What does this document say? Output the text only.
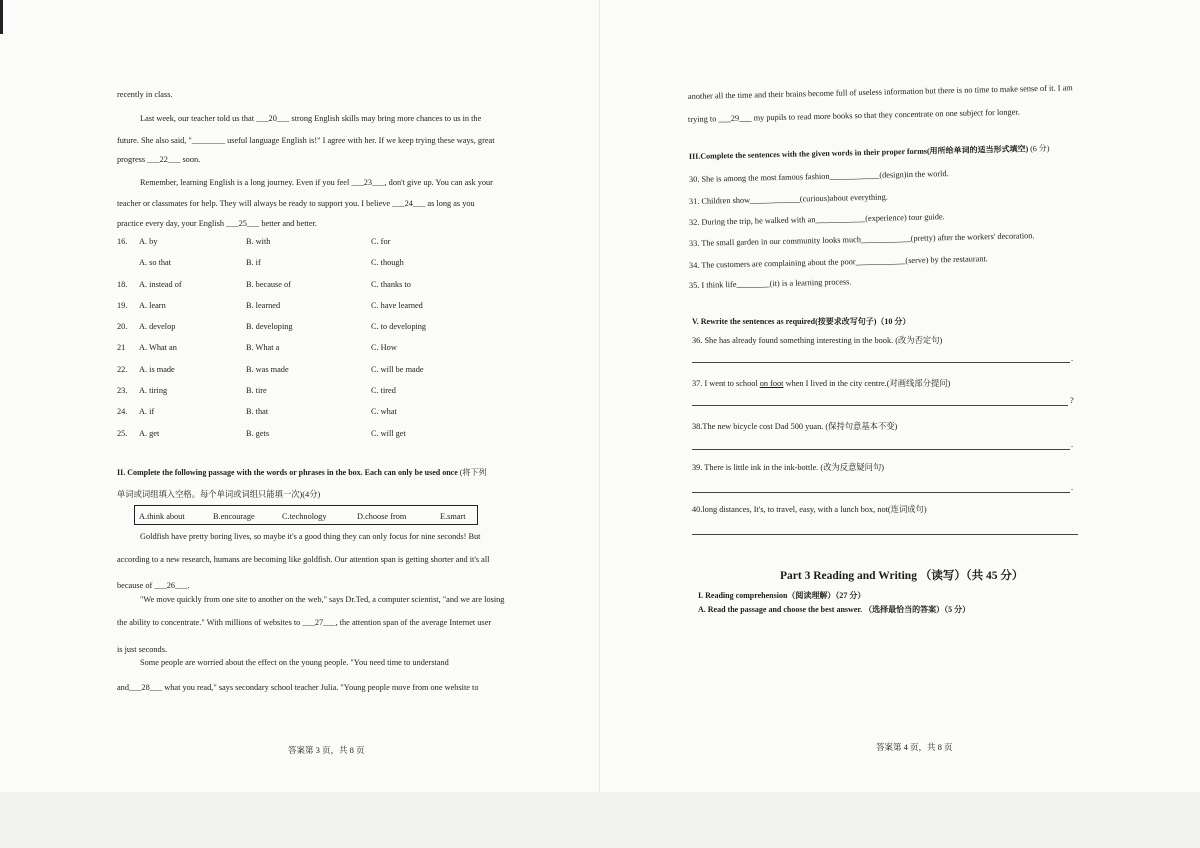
recently in class.
Last week, our teacher told us that ___20___ strong English skills may bring more chances to us in the
future. She also said, "________ useful language English is!" I agree with her. If we keep trying these ways, great
progress ___22___ soon.
Remember, learning English is a long journey. Even if you feel ___23___, don't give up. You can ask your
teacher or classmates for help. They will always be ready to support you. I believe ___24___ as long as you
practice every day, your English ___25___ better and better.
16. A. by	B. with	C. for
A. so that	B. if	C. though
18. A. instead of	B. because of	C. thanks to
19. A. learn	B. learned	C. have learned
20. A. develop	B. developing	C. to developing
21 A. What an	B. What a	C. How
22. A. is made	B. was made	C. will be made
23. A. tiring	B. tire	C. tired
24. A. if	B. that	C. what
25. A. get	B. gets	C. will get
II. Complete the following passage with the words or phrases in the box. Each can only be used once (将下列
单词或词组填入空格。每个单词或词组只能填一次)(4分)
A.think about	B.encourage	C.technology	D.choose from	E.smart
Goldfish have pretty boring lives, so maybe it's a good thing they can only focus for nine seconds! But
according to a new research, humans are becoming like goldfish. Our attention span is getting shorter and it's all
because of ___26___.
"We move quickly from one site to another on the web," says Dr.Ted, a computer scientist, "and we are losing
the ability to concentrate." With millions of websites to ___27___, the attention span of the average Internet user
is just seconds.
Some people are worried about the effect on the young people. "You need time to understand
and___28___ what you read," says secondary school teacher Julia. "Young people move from one website to
答案第 3 页，共 8 页
another all the time and their brains become full of useless information but there is no time to make sense of it. I am
trying to ___29___ my pupils to read more books so that they concentrate on one subject for longer.
III.Complete the sentences with the given words in their proper forms(用所给单词的适当形式填空) (6 分)
30. She is among the most famous fashion____________(design)in the world.
31. Children show____________(curious)about everything.
32. During the trip, he walked with an____________(experience) tour guide.
33. The small garden in our community looks much____________(pretty) after the workers' decoration.
34. The customers are complaining about the poor____________(serve) by the restaurant.
35. I think life________(it) is a learning process.
V. Rewrite the sentences as required(按要求改写句子)（10 分）
36. She has already found something interesting in the book. (改为否定句)
.
37. I went to school on foot when I lived in the city centre.(对画线部分提问)
?
38.The new bicycle cost Dad 500 yuan. (保持句意基本不变)
.
39. There is little ink in the ink-bottle. (改为反意疑问句)
.
40.long distances, It's, to travel, easy, with a lunch box, not(连词成句)
Part 3 Reading and Writing （读写）（共 45 分）
I. Reading comprehension（阅读理解）（27 分）
A. Read the passage and choose the best answer. （选择最恰当的答案）（5 分）
答案第 4 页，共 8 页
